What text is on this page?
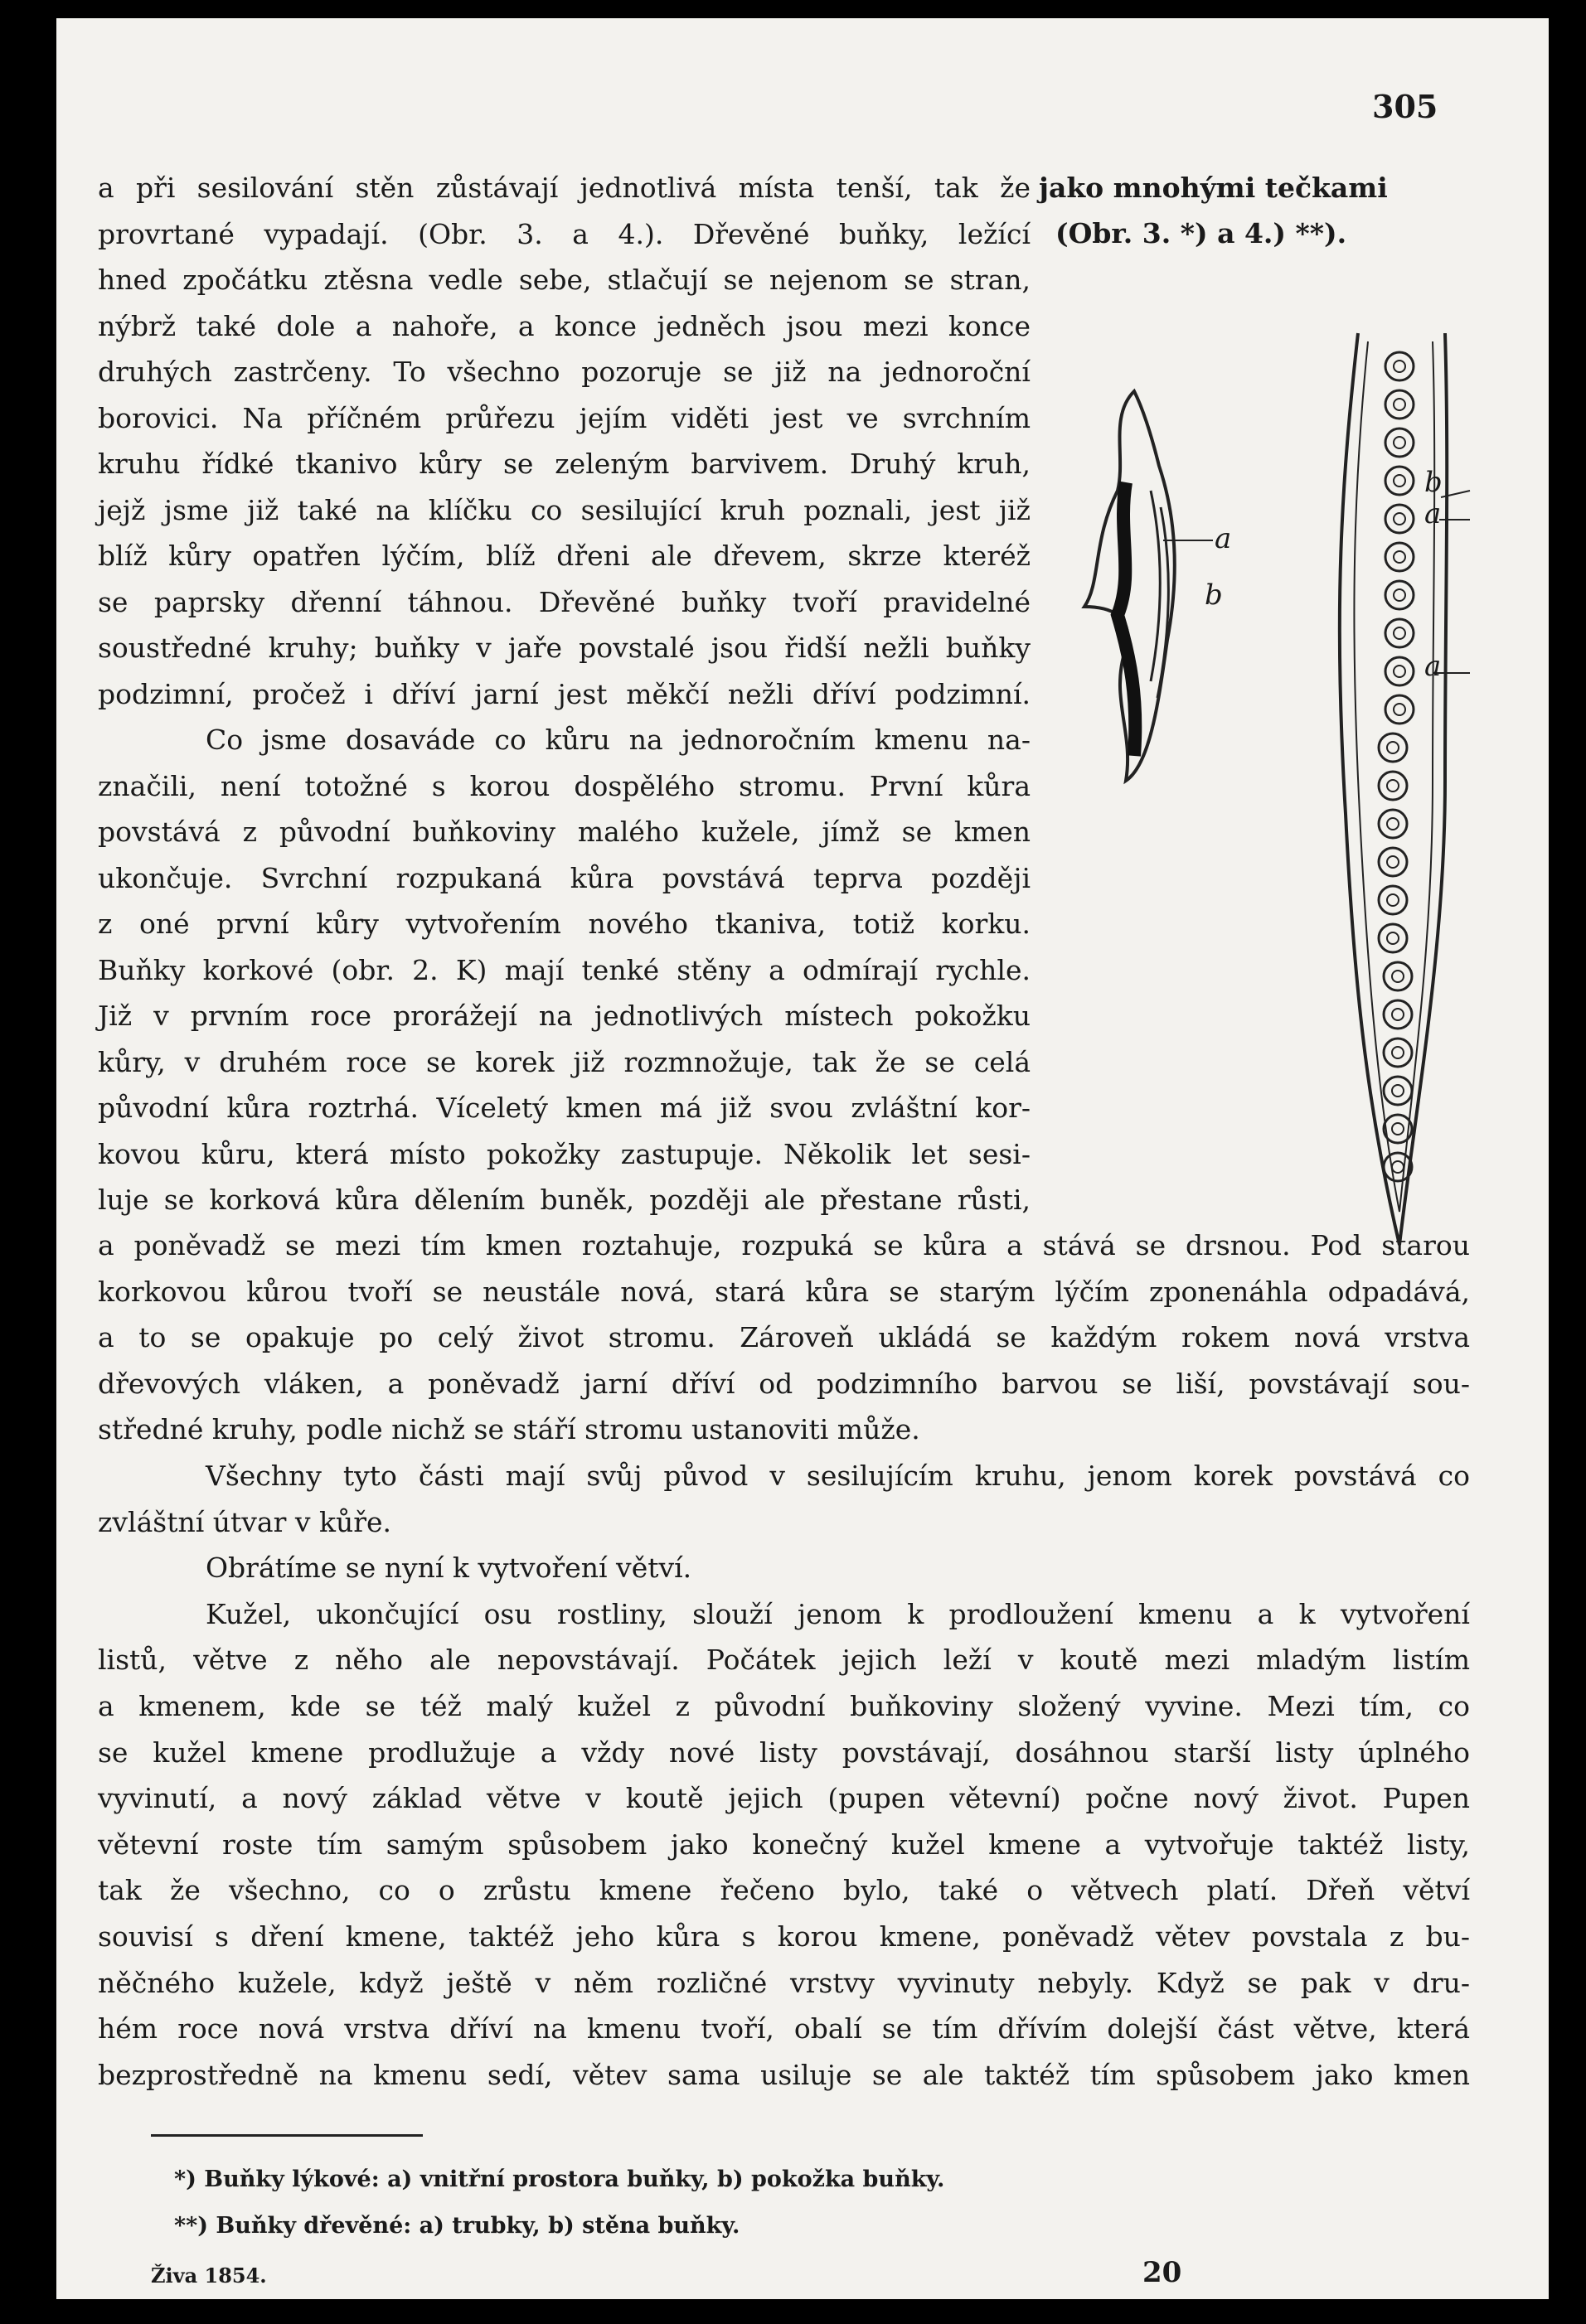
305
jako mnohými tečkami
(Obr. 3. *) a 4.) **).
a při sesilování stěn zůstávají jednotlivá místa tenší, tak že
provrtané vypadají. (Obr. 3. a 4.). Dřevěné buňky, ležící
hned zpočátku ztěsna vedle sebe, stlačují se nejenom se stran,
nýbrž také dole a nahoře, a konce jedněch jsou mezi konce
druhých zastrčeny. To všechno pozoruje se již na jednoroční
borovici. Na příčném průřezu jejím viděti jest ve svrchním
kruhu řídké tkanivo kůry se zeleným barvivem. Druhý kruh,
jejž jsme již také na klíčku co sesilující kruh poznali, jest již
blíž kůry opatřen lýčím, blíž dřeni ale dřevem, skrze kteréž
se paprsky dřenní táhnou. Dřevěné buňky tvoří pravidelné
soustředné kruhy; buňky v jaře povstalé jsou řidší nežli buňky
podzimní, pročež i dříví jarní jest měkčí nežli dříví podzimní.
Co jsme dosaváde co kůru na jednoročním kmenu na-
značili, není totožné s korou dospělého stromu. První kůra
povstává z původní buňkoviny malého kužele, jímž se kmen
ukončuje. Svrchní rozpukaná kůra povstává teprva později
z oné první kůry vytvořením nového tkaniva, totiž korku.
Buňky korkové (obr. 2. K) mají tenké stěny a odmírají rychle.
Již v prvním roce prorážejí na jednotlivých místech pokožku
kůry, v druhém roce se korek již rozmnožuje, tak že se celá
původní kůra roztrhá. Víceletý kmen má již svou zvláštní kor-
kovou kůru, která místo pokožky zastupuje. Několik let sesi-
luje se korková kůra dělením buněk, později ale přestane růsti,
a poněvadž se mezi tím kmen roztahuje, rozpuká se kůra a stává se drsnou. Pod starou
korkovou kůrou tvoří se neustále nová, stará kůra se starým lýčím zponenáhla odpadává,
a to se opakuje po celý život stromu. Zároveň ukládá se každým rokem nová vrstva
dřevových vláken, a poněvadž jarní dříví od podzimního barvou se liší, povstávají sou-
středné kruhy, podle nichž se stáří stromu ustanoviti může.
Všechny tyto části mají svůj původ v sesilujícím kruhu, jenom korek povstává co
zvláštní útvar v kůře.
Obrátíme se nyní k vytvoření větví.
Kužel, ukončující osu rostliny, slouží jenom k prodloužení kmenu a k vytvoření
listů, větve z něho ale nepovstávají. Počátek jejich leží v koutě mezi mladým listím
a kmenem, kde se též malý kužel z původní buňkoviny složený vyvine. Mezi tím, co
se kužel kmene prodlužuje a vždy nové listy povstávají, dosáhnou starší listy úplného
vyvinutí, a nový základ větve v koutě jejich (pupen větevní) počne nový život. Pupen
větevní roste tím samým spůsobem jako konečný kužel kmene a vytvořuje taktéž listy,
tak že všechno, co o zrůstu kmene řečeno bylo, také o větvech platí. Dřeň větví
souvisí s dření kmene, taktéž jeho kůra s korou kmene, poněvadž větev povstala z bu-
něčného kužele, když ještě v něm rozličné vrstvy vyvinuty nebyly. Když se pak v dru-
hém roce nová vrstva dříví na kmenu tvoří, obalí se tím dřívím dolejší část větve, která
bezprostředně na kmenu sedí, větev sama usiluje se ale taktéž tím spůsobem jako kmen
a
b
b
a
a
*) Buňky lýkové: a) vnitřní prostora buňky, b) pokožka buňky.
**) Buňky dřevěné: a) trubky, b) stěna buňky.
Živa 1854.	20
